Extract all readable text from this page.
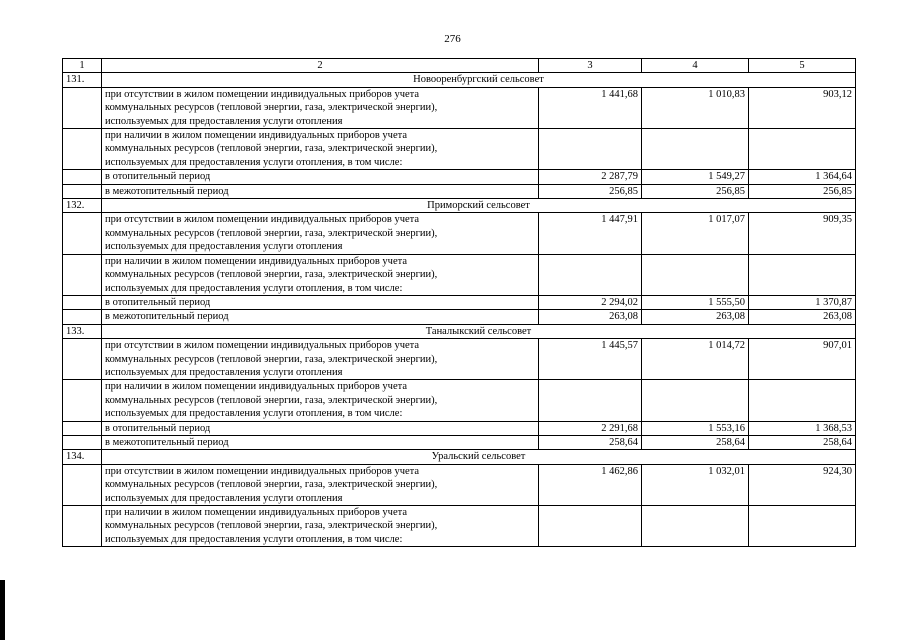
276
1	2	3	4	5
131.	Новооренбургский сельсовет			

	при отсутствии в жилом помещении индивидуальных приборов учета
коммунальных ресурсов (тепловой энергии, газа, электрической энергии),
используемых для предоставления услуги отопления	1 441,68	1 010,83	903,12

	при наличии в жилом помещении индивидуальных приборов учета
коммунальных ресурсов (тепловой энергии, газа, электрической энергии),
используемых для предоставления услуги отопления, в том числе:			

	в отопительный период	2 287,79	1 549,27	1 364,64

	в межотопительный период	256,85	256,85	256,85
132.	Приморский сельсовет			

	при отсутствии в жилом помещении индивидуальных приборов учета
коммунальных ресурсов (тепловой энергии, газа, электрической энергии),
используемых для предоставления услуги отопления	1 447,91	1 017,07	909,35

	при наличии в жилом помещении индивидуальных приборов учета
коммунальных ресурсов (тепловой энергии, газа, электрической энергии),
используемых для предоставления услуги отопления, в том числе:			

	в отопительный период	2 294,02	1 555,50	1 370,87

	в межотопительный период	263,08	263,08	263,08
133.	Таналыкский сельсовет			

	при отсутствии в жилом помещении индивидуальных приборов учета
коммунальных ресурсов (тепловой энергии, газа, электрической энергии),
используемых для предоставления услуги отопления	1 445,57	1 014,72	907,01

	при наличии в жилом помещении индивидуальных приборов учета
коммунальных ресурсов (тепловой энергии, газа, электрической энергии),
используемых для предоставления услуги отопления, в том числе:			

	в отопительный период	2 291,68	1 553,16	1 368,53

	в межотопительный период	258,64	258,64	258,64
134.	Уральский сельсовет			

	при отсутствии в жилом помещении индивидуальных приборов учета
коммунальных ресурсов (тепловой энергии, газа, электрической энергии),
используемых для предоставления услуги отопления	1 462,86	1 032,01	924,30

	при наличии в жилом помещении индивидуальных приборов учета
коммунальных ресурсов (тепловой энергии, газа, электрической энергии),
используемых для предоставления услуги отопления, в том числе:			
